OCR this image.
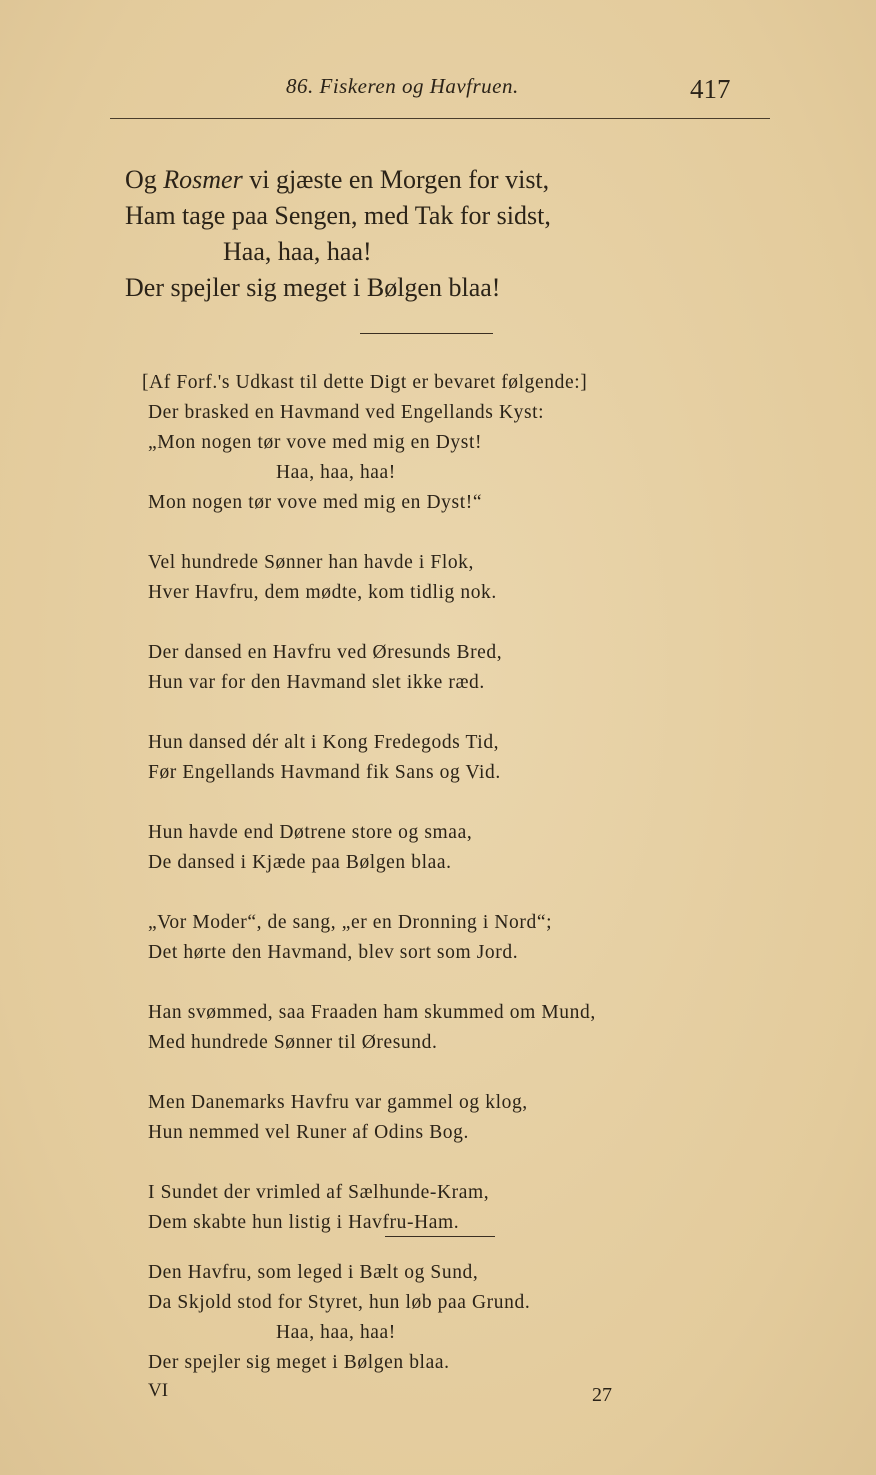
86. Fiskeren og Havfruen.	417
Og Rosmer vi gjæste en Morgen for vist,
Ham tage paa Sengen, med Tak for sidst,
Haa, haa, haa!
Der spejler sig meget i Bølgen blaa!
[Af Forf.'s Udkast til dette Digt er bevaret følgende:]
Der brasked en Havmand ved Engellands Kyst:
„Mon nogen tør vove med mig en Dyst!
Haa, haa, haa!
Mon nogen tør vove med mig en Dyst!“
Vel hundrede Sønner han havde i Flok,
Hver Havfru, dem mødte, kom tidlig nok.
Der dansed en Havfru ved Øresunds Bred,
Hun var for den Havmand slet ikke ræd.
Hun dansed dér alt i Kong Fredegods Tid,
Før Engellands Havmand fik Sans og Vid.
Hun havde end Døtrene store og smaa,
De dansed i Kjæde paa Bølgen blaa.
„Vor Moder“, de sang, „er en Dronning i Nord“;
Det hørte den Havmand, blev sort som Jord.
Han svømmed, saa Fraaden ham skummed om Mund,
Med hundrede Sønner til Øresund.
Men Danemarks Havfru var gammel og klog,
Hun nemmed vel Runer af Odins Bog.
I Sundet der vrimled af Sælhunde-Kram,
Dem skabte hun listig i Havfru-Ham.
Den Havfru, som leged i Bælt og Sund,
Da Skjold stod for Styret, hun løb paa Grund.
Haa, haa, haa!
Der spejler sig meget i Bølgen blaa.
VI	27
